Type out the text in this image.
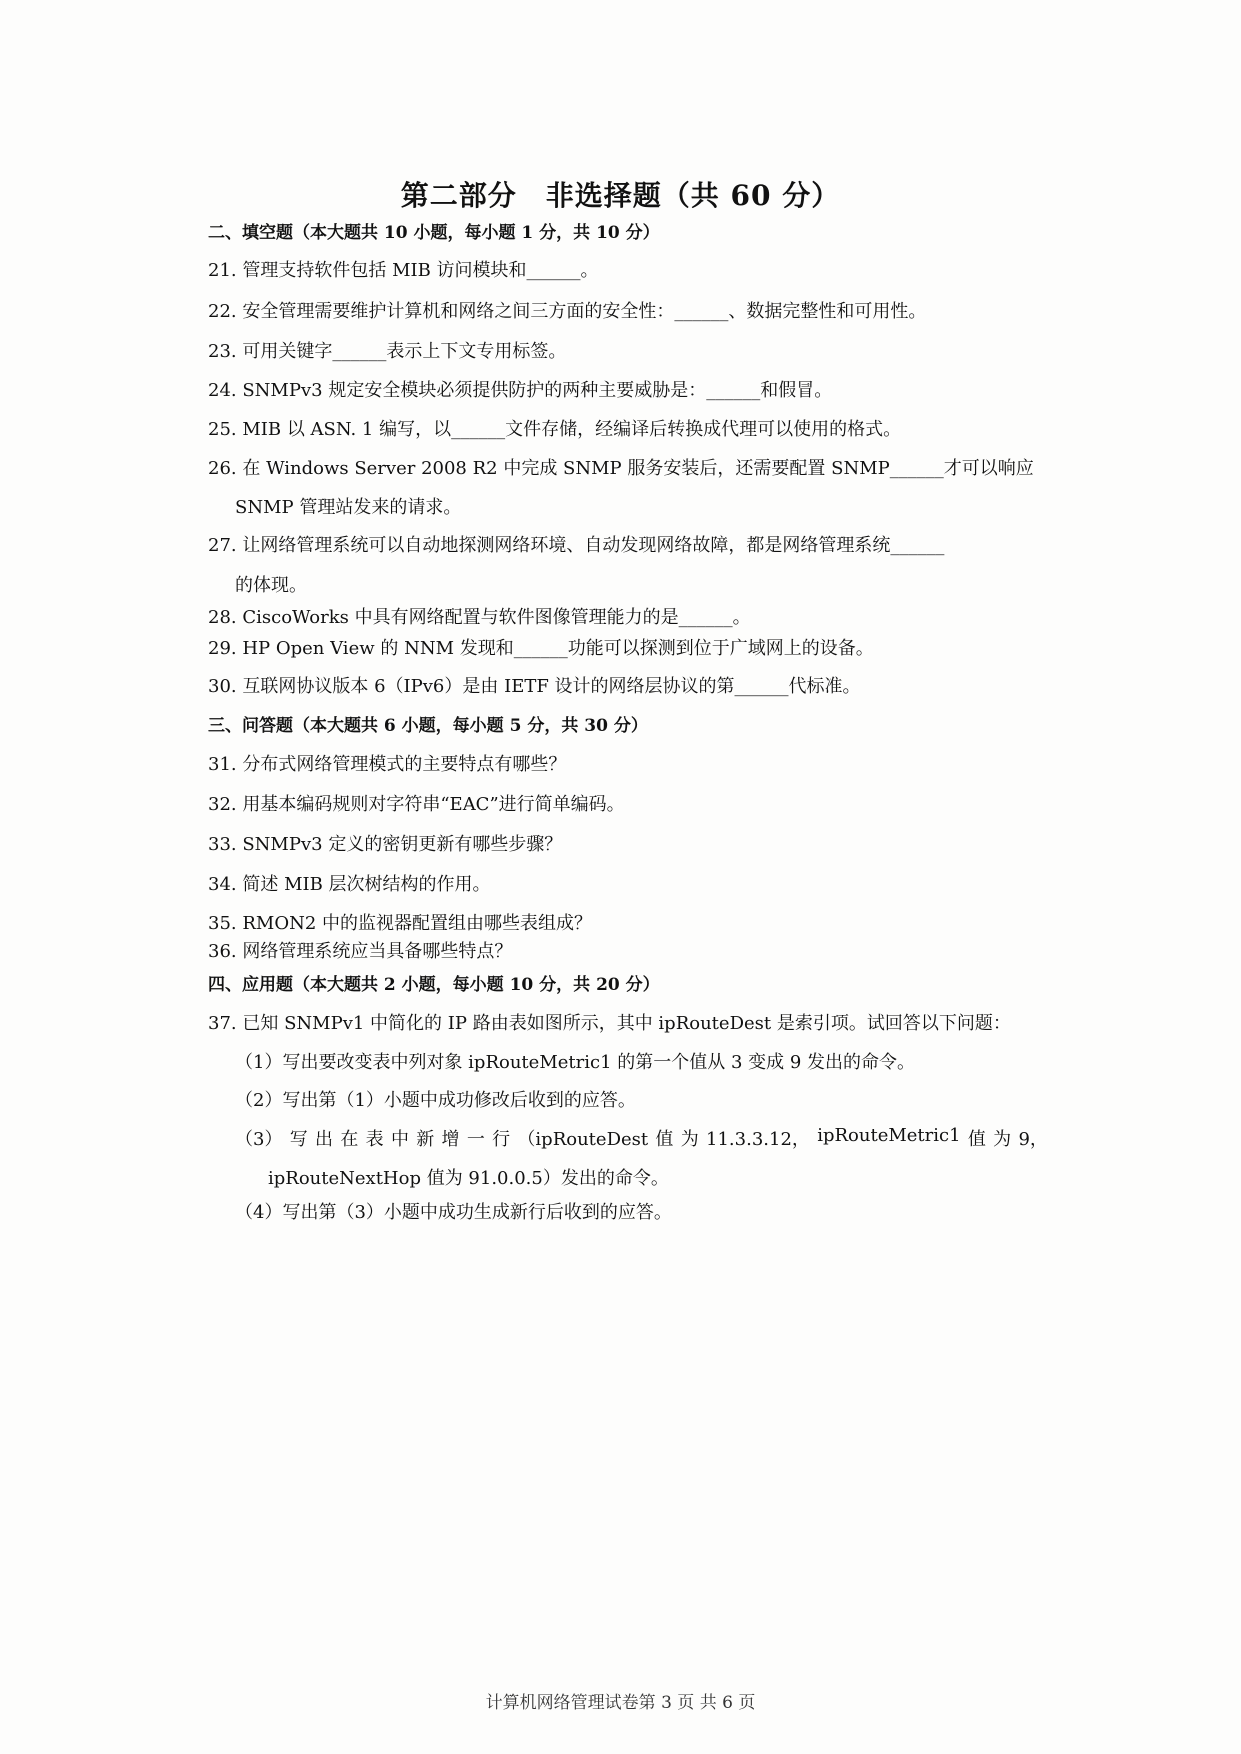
第二部分　非选择题（共 60 分）
二、填空题（本大题共 10 小题，每小题 1 分，共 10 分）
21. 管理支持软件包括 MIB 访问模块和______。
22. 安全管理需要维护计算机和网络之间三方面的安全性：______、数据完整性和可用性。
23. 可用关键字______表示上下文专用标签。
24. SNMPv3 规定安全模块必须提供防护的两种主要威胁是：______和假冒。
25. MIB 以 ASN. 1 编写，以______文件存储，经编译后转换成代理可以使用的格式。
26. 在 Windows Server 2008 R2 中完成 SNMP 服务安装后，还需要配置 SNMP______才可以响应
SNMP 管理站发来的请求。
27. 让网络管理系统可以自动地探测网络环境、自动发现网络故障，都是网络管理系统______
的体现。
28. CiscoWorks 中具有网络配置与软件图像管理能力的是______。
29. HP Open View 的 NNM 发现和______功能可以探测到位于广域网上的设备。
30. 互联网协议版本 6（IPv6）是由 IETF 设计的网络层协议的第______代标准。
三、问答题（本大题共 6 小题，每小题 5 分，共 30 分）
31. 分布式网络管理模式的主要特点有哪些？
32. 用基本编码规则对字符串“EAC”进行简单编码。
33. SNMPv3 定义的密钥更新有哪些步骤？
34. 简述 MIB 层次树结构的作用。
35. RMON2 中的监视器配置组由哪些表组成？
36. 网络管理系统应当具备哪些特点？
四、应用题（本大题共 2 小题，每小题 10 分，共 20 分）
37. 已知 SNMPv1 中简化的 IP 路由表如图所示，其中 ipRouteDest 是索引项。试回答以下问题：
（1）写出要改变表中列对象 ipRouteMetric1 的第一个值从 3 变成 9 发出的命令。
（2）写出第（1）小题中成功修改后收到的应答。
（3） 写 出 在 表 中 新 增 一 行 （ipRouteDest 值 为 11.3.3.12， ipRouteMetric1 值 为 9，
ipRouteNextHop 值为 91.0.0.5）发出的命令。
（4）写出第（3）小题中成功生成新行后收到的应答。
计算机网络管理试卷第 3 页 共 6 页
